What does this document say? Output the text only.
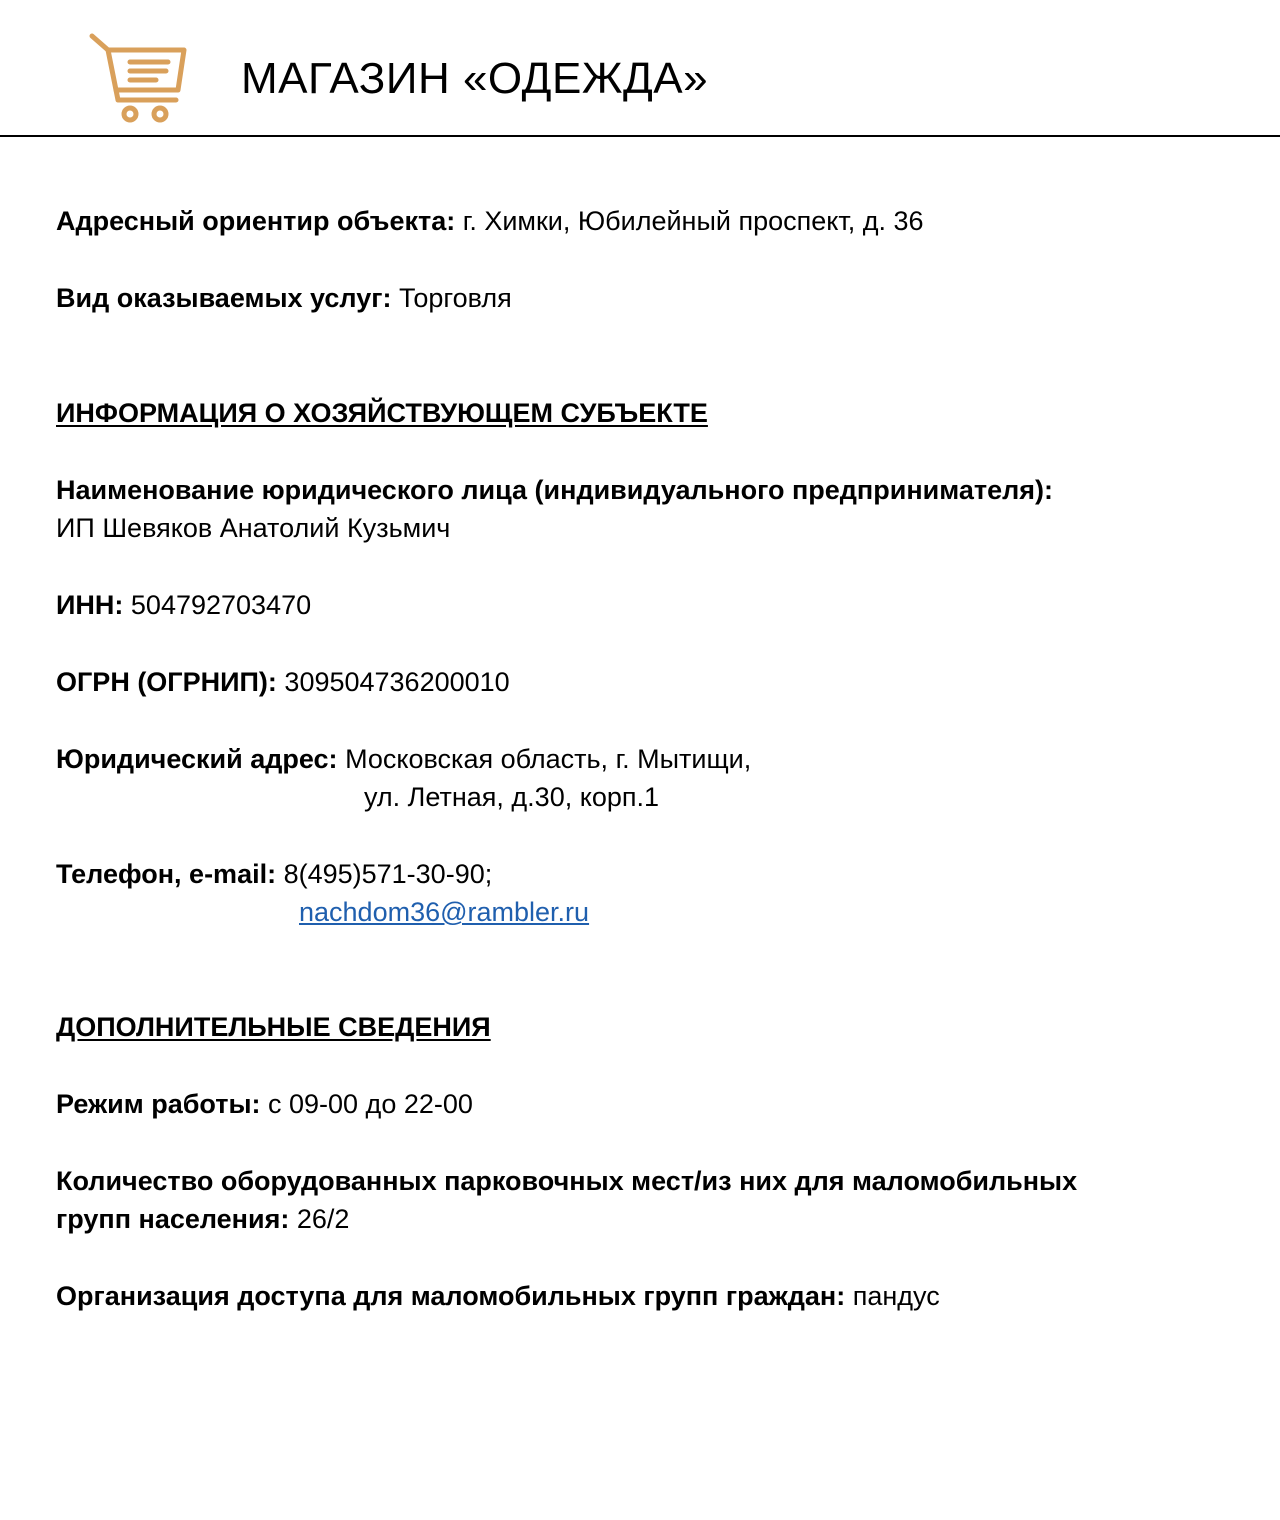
МАГАЗИН «ОДЕЖДА»
Адресный ориентир объекта: г. Химки, Юбилейный проспект, д. 36
Вид оказываемых услуг: Торговля
ИНФОРМАЦИЯ О ХОЗЯЙСТВУЮЩЕМ СУБЪЕКТЕ
Наименование юридического лица (индивидуального предпринимателя):
ИП Шевяков Анатолий Кузьмич
ИНН: 504792703470
ОГРН (ОГРНИП): 309504736200010
Юридический адрес: Московская область, г. Мытищи,
ул. Летная, д.30, корп.1
Телефон, e-mail: 8(495)571-30-90;
nachdom36@rambler.ru
ДОПОЛНИТЕЛЬНЫЕ СВЕДЕНИЯ
Режим работы: с 09-00 до 22-00
Количество оборудованных парковочных мест/из них для маломобильных
групп населения: 26/2
Организация доступа для маломобильных групп граждан: пандус
